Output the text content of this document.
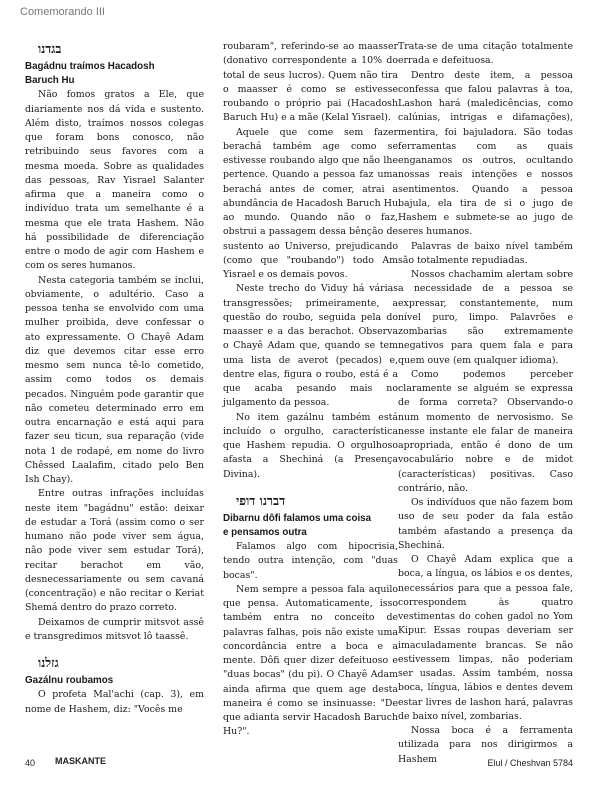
Comemorando III
בגדנו
Bagádnu traímos Hacadosh
Baruch Hu

Não fomos gratos a Ele, que diariamente nos dá vida e sustento. Além disto, traímos nossos colegas que foram bons conosco, não retribuindo seus favores com a mesma moeda. Sobre as qualidades das pessoas, Rav Yisrael Salanter afirma que a maneira como o indivíduo trata um semelhante é a mesma que ele trata Hashem. Não há possibilidade de diferenciação entre o modo de agir com Hashem e com os seres humanos.

Nesta categoria também se inclui, obviamente, o adultério. Caso a pessoa tenha se envolvido com uma mulher proibida, deve confessar o ato expressamente. O Chayê Adam diz que devemos citar esse erro mesmo sem nunca tê-lo cometido, assim como todos os demais pecados. Ninguém pode garantir que não cometeu determinado erro em outra encarnação e está aqui para fazer seu ticun, sua reparação (vide nota 1 de rodapé, em nome do livro Chêssed Laalafim, citado pelo Ben Ish Chay).

Entre outras infrações incluídas neste item "bagádnu" estão: deixar de estudar a Torá (assim como o ser humano não pode viver sem água, não pode viver sem estudar Torá), recitar berachot em vão, desnecessariamente ou sem cavaná (concentração) e não recitar o Keriat Shemá dentro do prazo correto.

Deixamos de cumprir mitsvot assê e transgredimos mitsvot lô taassê.

גזלנו
Gazálnu roubamos

O profeta Mal'achi (cap. 3), em nome de Hashem, diz: "Vocês me

roubaram", referindo-se ao maasser (donativo correspondente a 10% do total de seus lucros). Quem não tira o maasser é como se estivesse roubando o próprio pai (Hacadosh Baruch Hu) e a mãe (Kelal Yisrael).

Aquele que come sem fazer berachá também age como se estivesse roubando algo que não lhe pertence. Quando a pessoa faz uma berachá antes de comer, atrai a abundância de Hacadosh Baruch Hu ao mundo. Quando não o faz, obstrui a passagem dessa bênção de sustento ao Universo, prejudicando (como que "roubando") todo Am Yisrael e os demais povos.

Neste trecho do Viduy há várias transgressões; primeiramente, a questão do roubo, seguida pela do maasser e a das berachot. Observa o Chayê Adam que, quando se tem uma lista de averot (pecados) e, dentre elas, figura o roubo, está é a que acaba pesando mais no julgamento da pessoa.

No item gazálnu também está incluído o orgulho, característica que Hashem repudia. O orgulhoso afasta a Shechiná (a Presença Divina).

דברנו דופי
Dibarnu dôfi falamos uma coisa
e pensamos outra

Falamos algo com hipocrisia, tendo outra intenção, com "duas bocas".

Nem sempre a pessoa fala aquilo que pensa. Automaticamente, isso também entra no conceito de palavras falhas, pois não existe uma concordância entre a boca e a mente. Dôfi quer dizer defeituoso e "duas bocas" (du pi). O Chayê Adam ainda afirma que quem age desta maneira é como se insinuasse: "De que adianta servir Hacadosh Baruch Hu?".

Trata-se de uma citação totalmente errada e defeituosa.

Dentro deste item, a pessoa confessa que falou palavras à toa, Lashon hará (maledicências, como calúnias, intrigas e difamações), mentira, foi bajuladora. São todas ferramentas com as quais enganamos os outros, ocultando nossas reais intenções e nossos sentimentos. Quando a pessoa bajula, ela tira de si o jugo de Hashem e submete-se ao jugo de seres humanos.

Palavras de baixo nível também são totalmente repudiadas.

Nossos chachamim alertam sobre a necessidade de a pessoa se expressar, constantemente, num nível puro, limpo. Palavrões e zombarias são extremamente negativos para quem fala e para quem ouve (em qualquer idioma).

Como podemos perceber claramente se alguém se expressa de forma correta? Observando-o num momento de nervosismo. Se nesse instante ele falar de maneira apropriada, então é dono de um vocabulário nobre e de midot (características) positivas. Caso contrário, não.

Os indivíduos que não fazem bom uso de seu poder da fala estão também afastando a presença da Shechiná.

O Chayê Adam explica que a boca, a língua, os lábios e os dentes, necessários para que a pessoa fale, correspondem às quatro vestimentas do cohen gadol no Yom Kipur. Essas roupas deveriam ser imaculadamente brancas. Se não estivessem limpas, não poderiam ser usadas. Assim também, nossa boca, língua, lábios e dentes devem estar livres de lashon hará, palavras de baixo nível, zombarias.

Nossa boca é a ferramenta utilizada para nos dirigirmos a Hashem

40 MASKANTE	Elul / Cheshvan 5784
